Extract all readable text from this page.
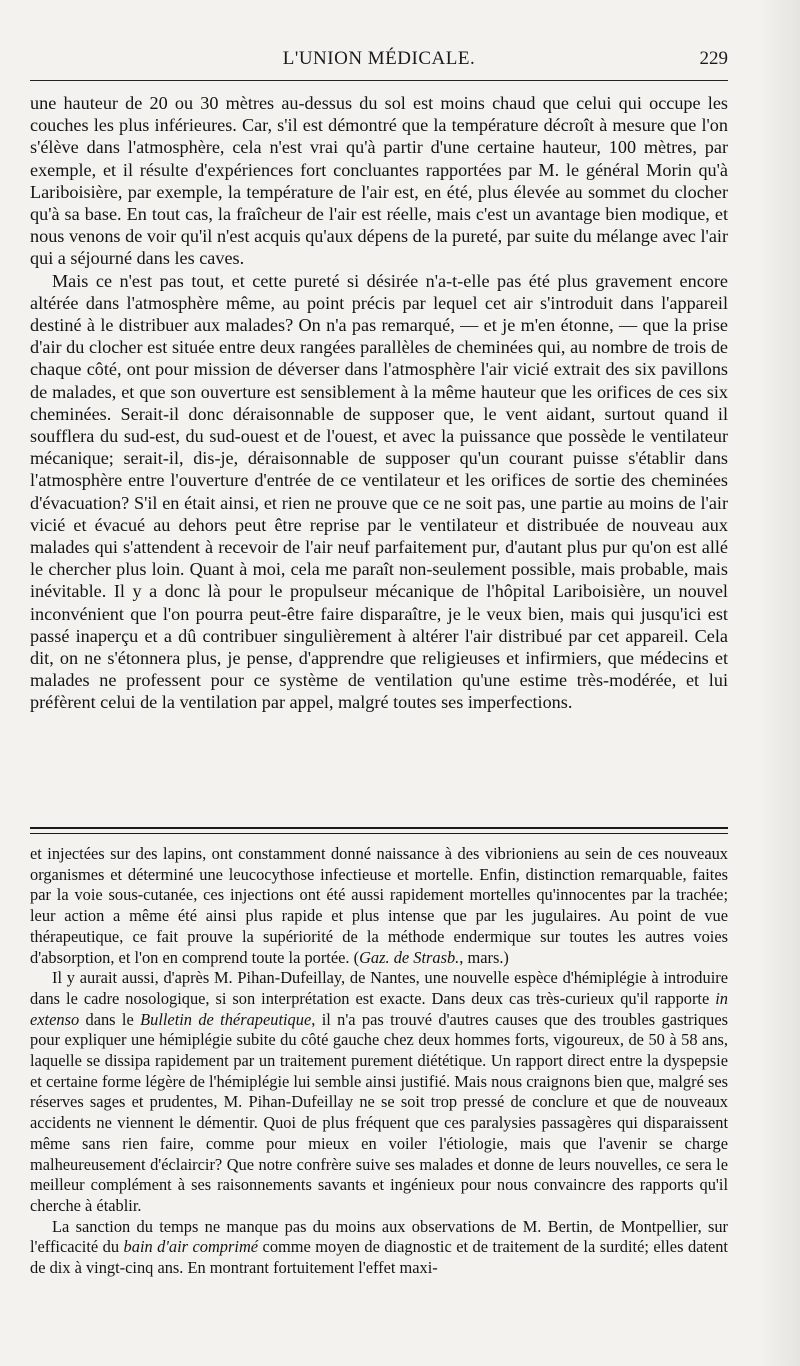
L'UNION MÉDICALE.	229

une hauteur de 20 ou 30 mètres au-dessus du sol est moins chaud que celui qui occupe les couches les plus inférieures. Car, s'il est démontré que la température décroît à mesure que l'on s'élève dans l'atmosphère, cela n'est vrai qu'à partir d'une certaine hauteur, 100 mètres, par exemple, et il résulte d'expériences fort concluantes rapportées par M. le général Morin qu'à Lariboisière, par exemple, la température de l'air est, en été, plus élevée au sommet du clocher qu'à sa base. En tout cas, la fraîcheur de l'air est réelle, mais c'est un avantage bien modique, et nous venons de voir qu'il n'est acquis qu'aux dépens de la pureté, par suite du mélange avec l'air qui a séjourné dans les caves.

Mais ce n'est pas tout, et cette pureté si désirée n'a-t-elle pas été plus gravement encore altérée dans l'atmosphère même, au point précis par lequel cet air s'introduit dans l'appareil destiné à le distribuer aux malades? On n'a pas remarqué, — et je m'en étonne, — que la prise d'air du clocher est située entre deux rangées parallèles de cheminées qui, au nombre de trois de chaque côté, ont pour mission de déverser dans l'atmosphère l'air vicié extrait des six pavillons de malades, et que son ouverture est sensiblement à la même hauteur que les orifices de ces six cheminées. Serait-il donc déraisonnable de supposer que, le vent aidant, surtout quand il soufflera du sud-est, du sud-ouest et de l'ouest, et avec la puissance que possède le ventilateur mécanique; serait-il, dis-je, déraisonnable de supposer qu'un courant puisse s'établir dans l'atmosphère entre l'ouverture d'entrée de ce ventilateur et les orifices de sortie des cheminées d'évacuation? S'il en était ainsi, et rien ne prouve que ce ne soit pas, une partie au moins de l'air vicié et évacué au dehors peut être reprise par le ventilateur et distribuée de nouveau aux malades qui s'attendent à recevoir de l'air neuf parfaitement pur, d'autant plus pur qu'on est allé le chercher plus loin. Quant à moi, cela me paraît non-seulement possible, mais probable, mais inévitable. Il y a donc là pour le propulseur mécanique de l'hôpital Lariboisière, un nouvel inconvénient que l'on pourra peut-être faire disparaître, je le veux bien, mais qui jusqu'ici est passé inaperçu et a dû contribuer singulièrement à altérer l'air distribué par cet appareil. Cela dit, on ne s'étonnera plus, je pense, d'apprendre que religieuses et infirmiers, que médecins et malades ne professent pour ce système de ventilation qu'une estime très-modérée, et lui préfèrent celui de la ventilation par appel, malgré toutes ses imperfections.

et injectées sur des lapins, ont constamment donné naissance à des vibrioniens au sein de ces nouveaux organismes et déterminé une leucocythose infectieuse et mortelle. Enfin, distinction remarquable, faites par la voie sous-cutanée, ces injections ont été aussi rapidement mortelles qu'innocentes par la trachée; leur action a même été ainsi plus rapide et plus intense que par les jugulaires. Au point de vue thérapeutique, ce fait prouve la supériorité de la méthode endermique sur toutes les autres voies d'absorption, et l'on en comprend toute la portée. (Gaz. de Strasb., mars.)

Il y aurait aussi, d'après M. Pihan-Dufeillay, de Nantes, une nouvelle espèce d'hémiplégie à introduire dans le cadre nosologique, si son interprétation est exacte. Dans deux cas très-curieux qu'il rapporte in extenso dans le Bulletin de thérapeutique, il n'a pas trouvé d'autres causes que des troubles gastriques pour expliquer une hémiplégie subite du côté gauche chez deux hommes forts, vigoureux, de 50 à 58 ans, laquelle se dissipa rapidement par un traitement purement diététique. Un rapport direct entre la dyspepsie et certaine forme légère de l'hémiplégie lui semble ainsi justifié. Mais nous craignons bien que, malgré ses réserves sages et prudentes, M. Pihan-Dufeillay ne se soit trop pressé de conclure et que de nouveaux accidents ne viennent le démentir. Quoi de plus fréquent que ces paralysies passagères qui disparaissent même sans rien faire, comme pour mieux en voiler l'étiologie, mais que l'avenir se charge malheureusement d'éclaircir? Que notre confrère suive ses malades et donne de leurs nouvelles, ce sera le meilleur complément à ses raisonnements savants et ingénieux pour nous convaincre des rapports qu'il cherche à établir.

La sanction du temps ne manque pas du moins aux observations de M. Bertin, de Montpellier, sur l'efficacité du bain d'air comprimé comme moyen de diagnostic et de traitement de la surdité; elles datent de dix à vingt-cinq ans. En montrant fortuitement l'effet maxi-
